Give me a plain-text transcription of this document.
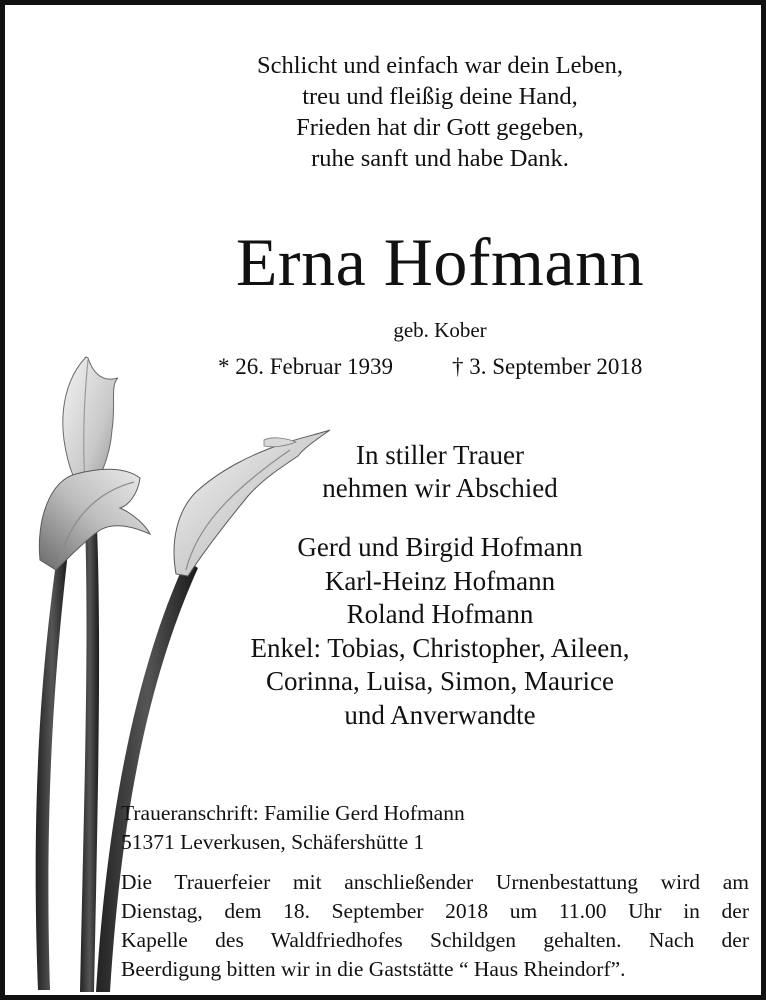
Schlicht und einfach war dein Leben,
treu und fleißig deine Hand,
Frieden hat dir Gott gegeben,
ruhe sanft und habe Dank.
Erna Hofmann
geb. Kober
* 26. Februar 1939	† 3. September 2018
In stiller Trauer
nehmen wir Abschied
Gerd und Birgid Hofmann
Karl-Heinz Hofmann
Roland Hofmann
Enkel: Tobias, Christopher, Aileen,
Corinna, Luisa, Simon, Maurice
und Anverwandte
Traueranschrift: Familie Gerd Hofmann
51371 Leverkusen, Schäfershütte 1
Die Trauerfeier mit anschließender Urnenbestattung wird am
Dienstag, dem 18. September 2018 um 11.00 Uhr in der
Kapelle des Waldfriedhofes Schildgen gehalten. Nach der
Beerdigung bitten wir in die Gaststätte “ Haus Rheindorf”.
